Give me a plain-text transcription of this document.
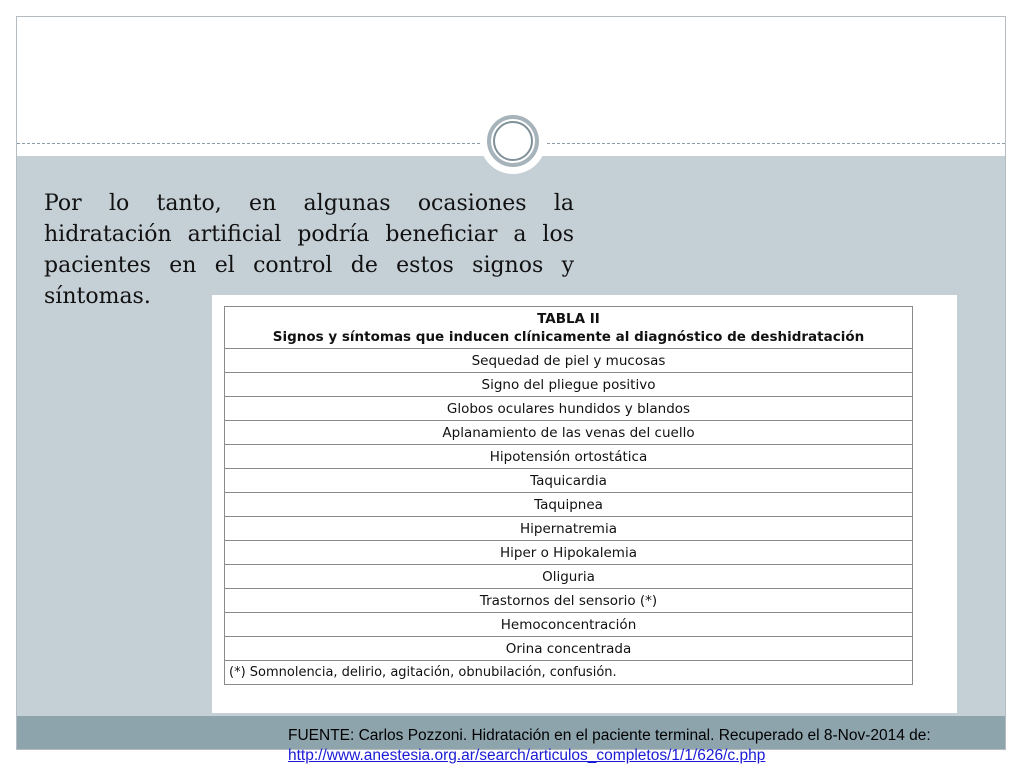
Por lo tanto, en algunas ocasiones la hidratación artificial podría beneficiar a los pacientes en el control de estos signos y síntomas.

TABLA II
Signos y síntomas que inducen clínicamente al diagnóstico de deshidratación

Sequedad de piel y mucosas
Signo del pliegue positivo
Globos oculares hundidos y blandos
Aplanamiento de las venas del cuello
Hipotensión ortostática
Taquicardia
Taquipnea
Hipernatremia
Hiper o Hipokalemia
Oliguria
Trastornos del sensorio (*)
Hemoconcentración
Orina concentrada
(*) Somnolencia, delirio, agitación, obnubilación, confusión.
FUENTE: Carlos Pozzoni. Hidratación en el paciente terminal. Recuperado el 8-Nov-2014 de:
http://www.anestesia.org.ar/search/articulos_completos/1/1/626/c.php
